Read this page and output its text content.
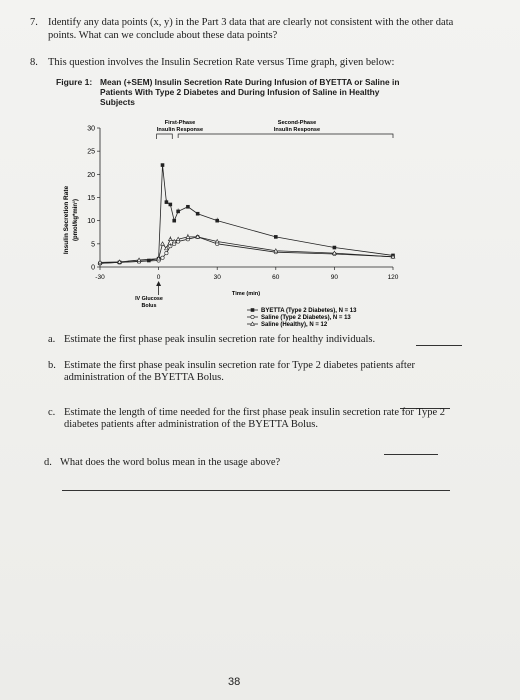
7. Identify any data points (x, y) in the Part 3 data that are clearly not consistent with the other data
points. What can we conclude about these data points?
8. This question involves the Insulin Secretion Rate versus Time graph, given below:
Figure 1: Mean (+SEM) Insulin Secretion Rate During Infusion of BYETTA or Saline in
Patients With Type 2 Diabetes and During Infusion of Saline in Healthy
Subjects
First-Phase
Insulin Response
Second-Phase
Insulin Response
Insulin Secretion Rate (pmol/kg*min¹)
Time (min)
IV Glucose
Bolus
BYETTA (Type 2 Diabetes), N = 13
Saline (Type 2 Diabetes), N = 13
Saline (Healthy), N = 12
0
5
10
15
20
25
30
-30	0	30	60	90	120
a. Estimate the first phase peak insulin secretion rate for healthy individuals.
b. Estimate the first phase peak insulin secretion rate for Type 2 diabetes patients after
administration of the BYETTA Bolus.
c. Estimate the length of time needed for the first phase peak insulin secretion rate for Type 2
diabetes patients after administration of the BYETTA Bolus.
d. What does the word bolus mean in the usage above?
38
